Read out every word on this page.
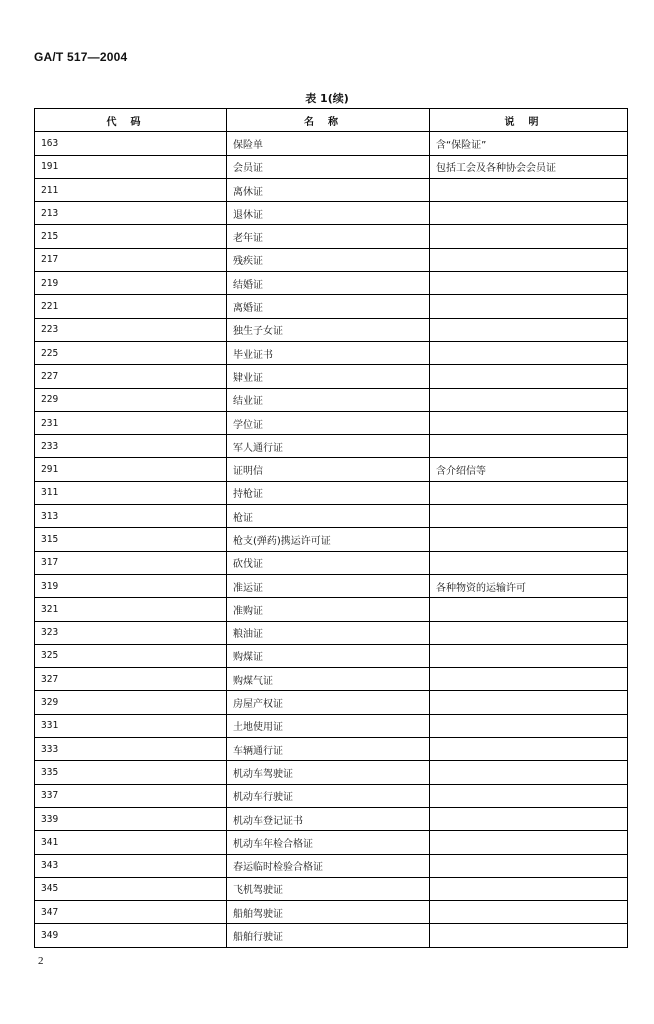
GA/T 517—2004
表 1(续)
代码	名称	说明
163	保险单	含“保险证”
191	会员证	包括工会及各种协会会员证
211	离休证	
213	退休证	
215	老年证	
217	残疾证	
219	结婚证	
221	离婚证	
223	独生子女证	
225	毕业证书	
227	肄业证	
229	结业证	
231	学位证	
233	军人通行证	
291	证明信	含介绍信等
311	持枪证	
313	枪证	
315	枪支(弹药)携运许可证	
317	砍伐证	
319	准运证	各种物资的运输许可
321	准购证	
323	粮油证	
325	购煤证	
327	购煤气证	
329	房屋产权证	
331	土地使用证	
333	车辆通行证	
335	机动车驾驶证	
337	机动车行驶证	
339	机动车登记证书	
341	机动车年检合格证	
343	春运临时检验合格证	
345	飞机驾驶证	
347	船舶驾驶证	
349	船舶行驶证	
2
